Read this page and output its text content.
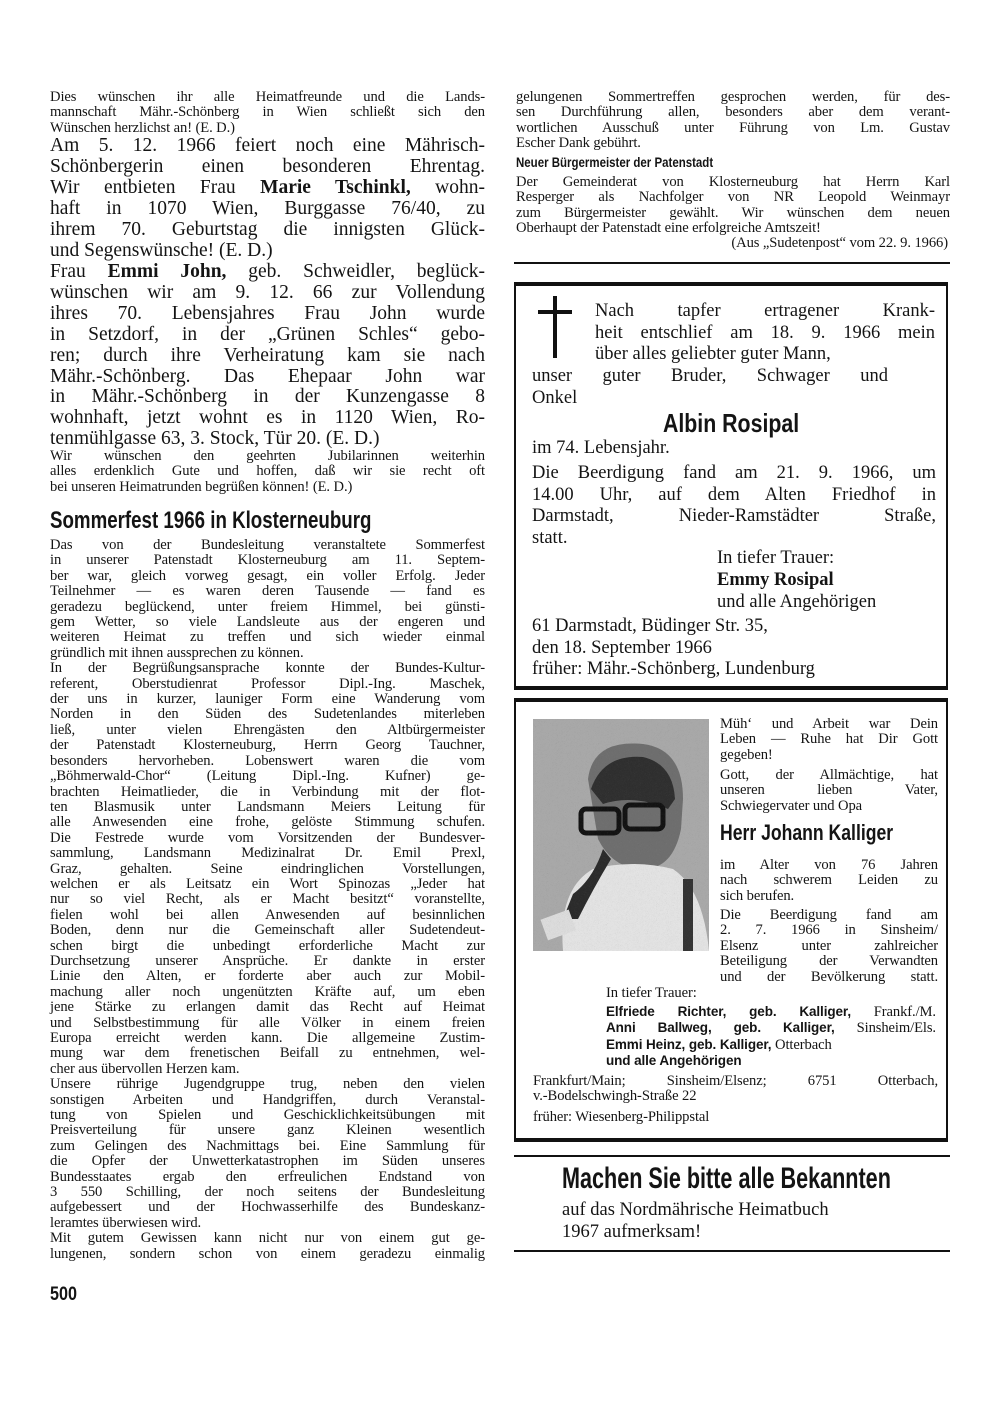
Dies wünschen ihr alle Heimatfreunde und die Lands-
mannschaft Mähr.-Schönberg in Wien schließt sich den
Wünschen herzlichst an! (E. D.)
Am 5. 12. 1966 feiert noch eine Mährisch-
Schönbergerin einen besonderen Ehrentag.
Wir entbieten Frau Marie Tschinkl, wohn-
haft in 1070 Wien, Burggasse 76/40, zu
ihrem 70. Geburtstag die innigsten Glück-
und Segenswünsche! (E. D.)
Frau Emmi John, geb. Schweidler, beglück-
wünschen wir am 9. 12. 66 zur Vollendung
ihres 70. Lebensjahres Frau John wurde
in Setzdorf, in der „Grünen Schles“ gebo-
ren; durch ihre Verheiratung kam sie nach
Mähr.-Schönberg. Das Ehepaar John war
in Mähr.-Schönberg in der Kunzengasse 8
wohnhaft, jetzt wohnt es in 1120 Wien, Ro-
tenmühlgasse 63, 3. Stock, Tür 20. (E. D.)
Wir wünschen den geehrten Jubilarinnen weiterhin
alles erdenklich Gute und hoffen, daß wir sie recht oft
bei unseren Heimatrunden begrüßen können! (E. D.)
Sommerfest 1966 in Klosterneuburg
Das von der Bundesleitung veranstaltete Sommerfest
in unserer Patenstadt Klosterneuburg am 11. Septem-
ber war, gleich vorweg gesagt, ein voller Erfolg. Jeder
Teilnehmer — es waren deren Tausende — fand es
geradezu beglückend, unter freiem Himmel, bei günsti-
gem Wetter, so viele Landsleute aus der engeren und
weiteren Heimat zu treffen und sich wieder einmal
gründlich mit ihnen aussprechen zu können.
In der Begrüßungsansprache konnte der Bundes-Kultur-
referent, Oberstudienrat Professor Dipl.-Ing. Maschek,
der uns in kurzer, launiger Form eine Wanderung vom
Norden in den Süden des Sudetenlandes miterleben
ließ, unter vielen Ehrengästen den Altbürgermeister
der Patenstadt Klosterneuburg, Herrn Georg Tauchner,
besonders hervorheben. Lobenswert waren die vom
„Böhmerwald-Chor“ (Leitung Dipl.-Ing. Kufner) ge-
brachten Heimatlieder, die in Verbindung mit der flot-
ten Blasmusik unter Landsmann Meiers Leitung für
alle Anwesenden eine frohe, gelöste Stimmung schufen.
Die Festrede wurde vom Vorsitzenden der Bundesver-
sammlung, Landsmann Medizinalrat Dr. Emil Prexl,
Graz, gehalten. Seine eindringlichen Vorstellungen,
welchen er als Leitsatz ein Wort Spinozas „Jeder hat
nur so viel Recht, als er Macht besitzt“ voranstellte,
fielen wohl bei allen Anwesenden auf besinnlichen
Boden, denn nur die Gemeinschaft aller Sudetendeut-
schen birgt die unbedingt erforderliche Macht zur
Durchsetzung unserer Ansprüche. Er dankte in erster
Linie den Alten, er forderte aber auch zur Mobil-
machung aller noch ungenützten Kräfte auf, um eben
jene Stärke zu erlangen damit das Recht auf Heimat
und Selbstbestimmung für alle Völker in einem freien
Europa erreicht werden kann. Die allgemeine Zustim-
mung war dem frenetischen Beifall zu entnehmen, wel-
cher aus übervollen Herzen kam.
Unsere rührige Jugendgruppe trug, neben den vielen
sonstigen Arbeiten und Handgriffen, durch Veranstal-
tung von Spielen und Geschicklichkeitsübungen mit
Preisverteilung für unsere ganz Kleinen wesentlich
zum Gelingen des Nachmittags bei. Eine Sammlung für
die Opfer der Unwetterkatastrophen im Süden unseres
Bundesstaates ergab den erfreulichen Endstand von
3 550 Schilling, der noch seitens der Bundesleitung
aufgebessert und der Hochwasserhilfe des Bundeskanz-
leramtes überwiesen wird.
Mit gutem Gewissen kann nicht nur von einem gut ge-
lungenen, sondern schon von einem geradezu einmalig
500
gelungenen Sommertreffen gesprochen werden, für des-
sen Durchführung allen, besonders aber dem verant-
wortlichen Ausschuß unter Führung von Lm. Gustav
Escher Dank gebührt.
Neuer Bürgermeister der Patenstadt
Der Gemeinderat von Klosterneuburg hat Herrn Karl
Resperger als Nachfolger von NR Leopold Weinmayr
zum Bürgermeister gewählt. Wir wünschen dem neuen
Oberhaupt der Patenstadt eine erfolgreiche Amtszeit!
(Aus „Sudetenpost“ vom 22. 9. 1966)
Nach tapfer ertragener Krank-
heit entschlief am 18. 9. 1966 mein
über alles geliebter guter Mann,
unser guter Bruder, Schwager und
Onkel
Albin Rosipal
im 74. Lebensjahr.
Die Beerdigung fand am 21. 9. 1966, um
14.00 Uhr, auf dem Alten Friedhof in
Darmstadt, Nieder-Ramstädter Straße,
statt.
In tiefer Trauer:
Emmy Rosipal
und alle Angehörigen
61 Darmstadt, Büdinger Str. 35,
den 18. September 1966
früher: Mähr.-Schönberg, Lundenburg
Müh‘ und Arbeit war Dein
Leben — Ruhe hat Dir Gott
gegeben!
Gott, der Allmächtige, hat
unseren lieben Vater,
Schwiegervater und Opa
Herr Johann Kalliger
im Alter von 76 Jahren
nach schwerem Leiden zu
sich berufen.
Die Beerdigung fand am
2. 7. 1966 in Sinsheim/
Elsenz unter zahlreicher
Beteiligung der Verwandten
und der Bevölkerung statt.
In tiefer Trauer:
Elfriede Richter, geb. Kalliger, Frankf./M.
Anni Ballweg, geb. Kalliger, Sinsheim/Els.
Emmi Heinz, geb. Kalliger, Otterbach
und alle Angehörigen
Frankfurt/Main; Sinsheim/Elsenz; 6751 Otterbach,
v.-Bodelschwingh-Straße 22
früher: Wiesenberg-Philippstal
Machen Sie bitte alle Bekannten
auf das Nordmährische Heimatbuch
1967 aufmerksam!
